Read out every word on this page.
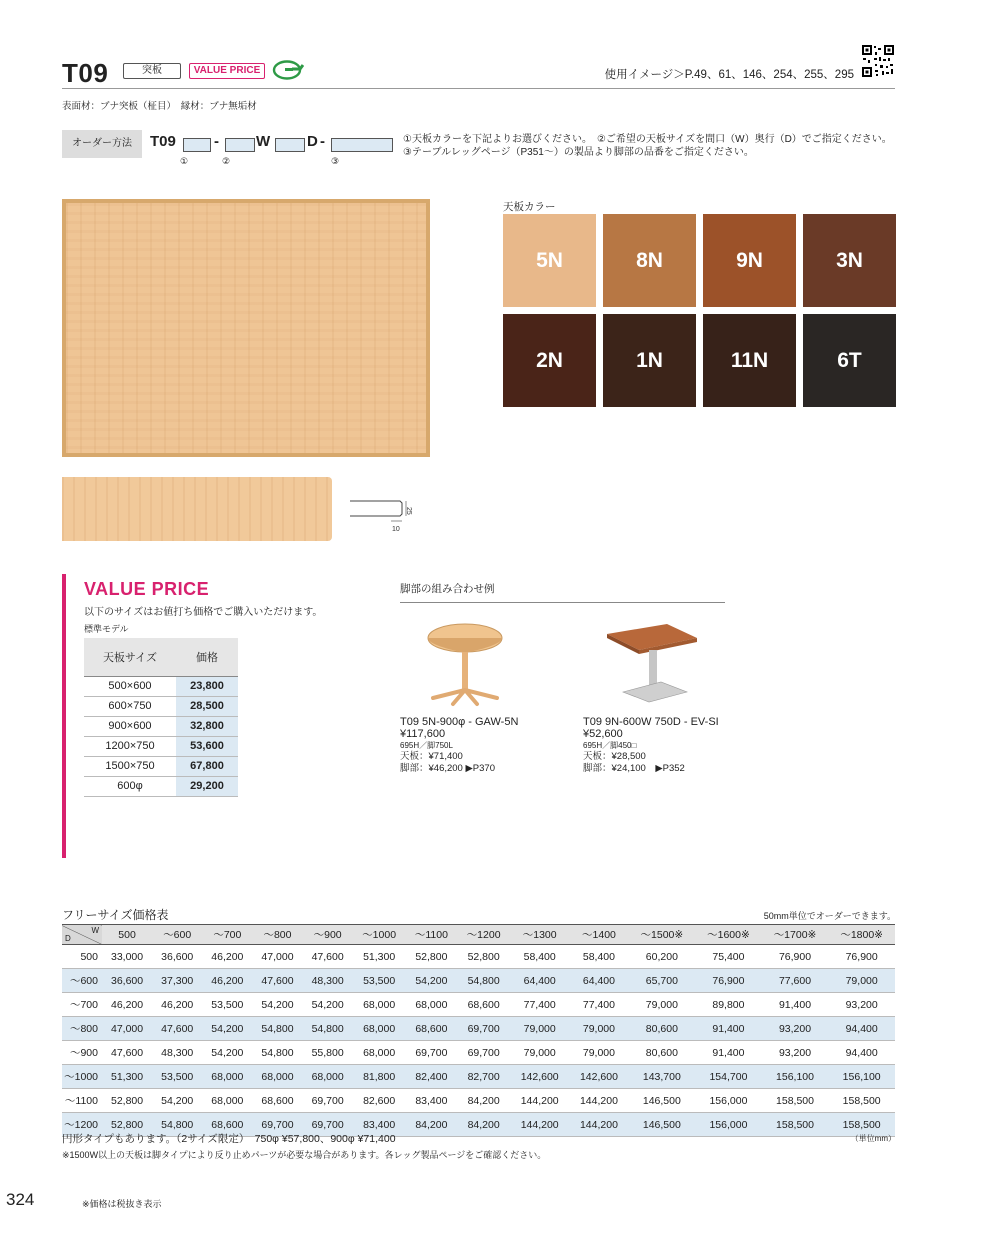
T09	突板	VALUE PRICE	使用イメージ＞P.49、61、146、254、255、295
表面材：ブナ突板（柾目）　縁材：ブナ無垢材
オーダー方法	T09	- W D -
①	②	③
①天板カラーを下記よりお選びください。　②ご希望の天板サイズを間口（W）奥行（D）でご指定ください。
③テーブルレッグページ（P351～）の製品より脚部の品番をご指定ください。
25
10
天板カラー
5N	8N	9N	3N
2N	1N	11N	6T
VALUE PRICE
以下のサイズはお値打ち価格でご購入いただけます。
標準モデル
天板サイズ	価格
500×600	23,800
600×750	28,500
900×600	32,800
1200×750	53,600
1500×750	67,800
600φ	29,200
脚部の組み合わせ例
T09 5N-900φ - GAW-5N
¥117,600
695H／脚750L
天板：¥71,400
脚部：¥46,200 ▶P370
T09 9N-600W 750D - EV-SI
¥52,600
695H／脚450□
天板：¥28,500
脚部：¥24,100　▶P352
フリーサイズ価格表	50mm単位でオーダーできます。
W
D	500	～600	～700	～800	～900	～1000	～1100	～1200	～1300	～1400	～1500※	～1600※	～1700※	～1800※
500	33,000	36,600	46,200	47,000	47,600	51,300	52,800	52,800	58,400	58,400	60,200	75,400	76,900	76,900
～600	36,600	37,300	46,200	47,600	48,300	53,500	54,200	54,800	64,400	64,400	65,700	76,900	77,600	79,000
～700	46,200	46,200	53,500	54,200	54,200	68,000	68,000	68,600	77,400	77,400	79,000	89,800	91,400	93,200
～800	47,000	47,600	54,200	54,800	54,800	68,000	68,600	69,700	79,000	79,000	80,600	91,400	93,200	94,400
～900	47,600	48,300	54,200	54,800	55,800	68,000	69,700	69,700	79,000	79,000	80,600	91,400	93,200	94,400
～1000	51,300	53,500	68,000	68,000	68,000	81,800	82,400	82,700	142,600	142,600	143,700	154,700	156,100	156,100
～1100	52,800	54,200	68,000	68,600	69,700	82,600	83,400	84,200	144,200	144,200	146,500	156,000	158,500	158,500
～1200	52,800	54,800	68,600	69,700	69,700	83,400	84,200	84,200	144,200	144,200	146,500	156,000	158,500	158,500
円形タイプもあります。（2サイズ限定）　750φ ¥57,800、900φ ¥71,400	（単位mm）
※1500W以上の天板は脚タイプにより反り止めパーツが必要な場合があります。各レッグ製品ページをご確認ください。
324	※価格は税抜き表示
